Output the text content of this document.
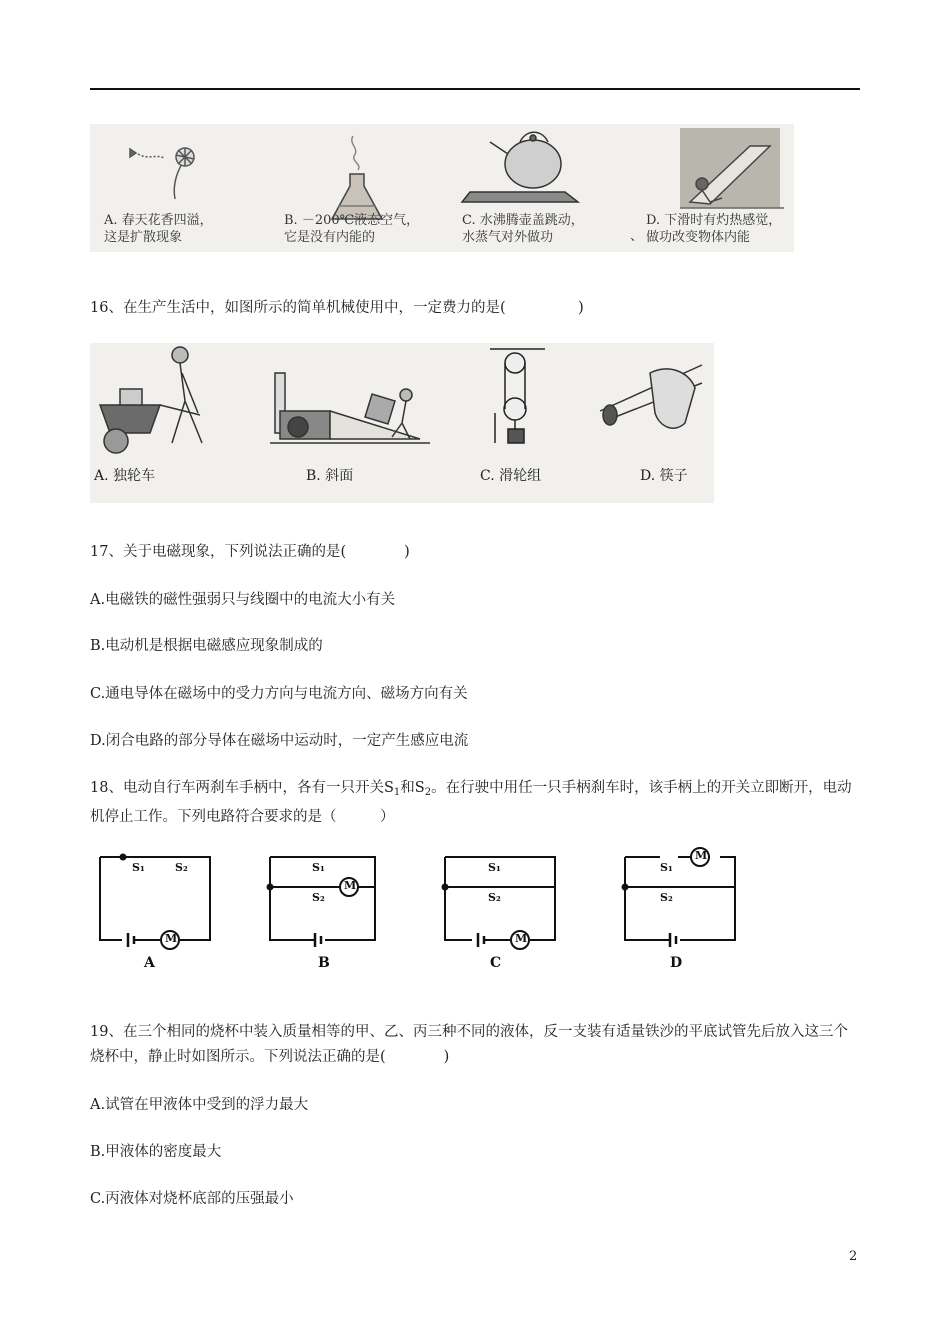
A. 春天花香四溢，
这是扩散现象
B. －200℃液态空气，
它是没有内能的
C. 水沸腾壶盖跳动，
水蒸气对外做功	、
D. 下滑时有灼热感觉，
做功改变物体内能
16、在生产生活中，如图所示的简单机械使用中，一定费力的是(　　　　　)
A. 独轮车	B. 斜面	C. 滑轮组	D. 筷子
17、关于电磁现象，下列说法正确的是(　　　　)
A.电磁铁的磁性强弱只与线圈中的电流大小有关
B.电动机是根据电磁感应现象制成的
C.通电导体在磁场中的受力方向与电流方向、磁场方向有关
D.闭合电路的部分导体在磁场中运动时，一定产生感应电流
18、电动自行车两刹车手柄中，各有一只开关$S_1$和$S_2$。在行驶中用任一只手柄刹车时，该手柄上的开关立即断开，电动机停止工作。下列电路符合要求的是（　　　）
M
M
M
M
S₁	S₂	S₁
S₂
S₁
S₂
S₁
S₂
A	B	C	D
19、在三个相同的烧杯中装入质量相等的甲、乙、丙三种不同的液体，反一支装有适量铁沙的平底试管先后放入这三个烧杯中，静止时如图所示。下列说法正确的是(　　　　)
A.试管在甲液体中受到的浮力最大
B.甲液体的密度最大
C.丙液体对烧杯底部的压强最小
2
